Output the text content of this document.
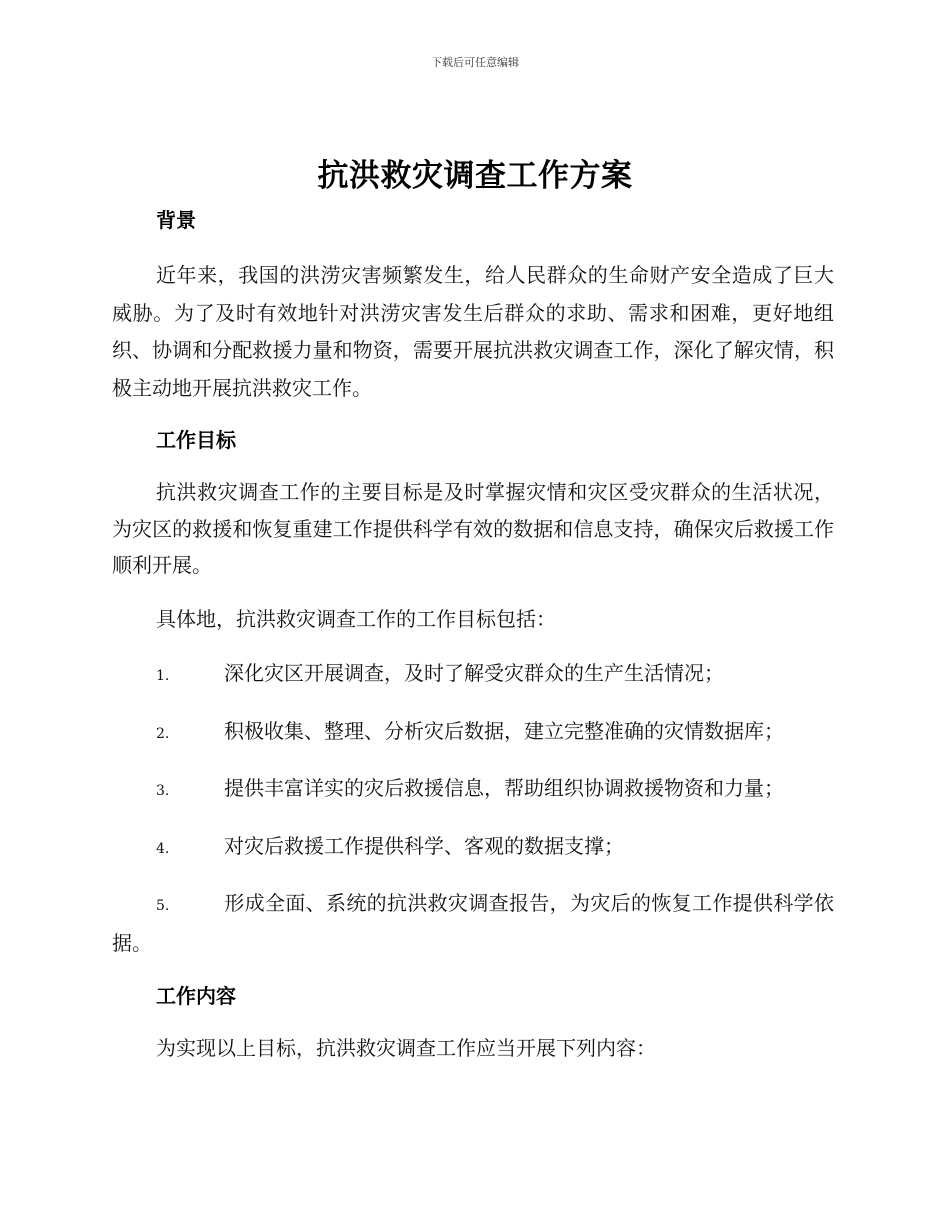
下载后可任意编辑
抗洪救灾调查工作方案

背景

近年来，我国的洪涝灾害频繁发生，给人民群众的生命财产安全造成了巨大威胁。为了及时有效地针对洪涝灾害发生后群众的求助、需求和困难，更好地组织、协调和分配救援力量和物资，需要开展抗洪救灾调查工作，深化了解灾情，积极主动地开展抗洪救灾工作。

工作目标

抗洪救灾调查工作的主要目标是及时掌握灾情和灾区受灾群众的生活状况，为灾区的救援和恢复重建工作提供科学有效的数据和信息支持，确保灾后救援工作顺利开展。

具体地，抗洪救灾调查工作的工作目标包括：

1.	深化灾区开展调查，及时了解受灾群众的生产生活情况；

2.	积极收集、整理、分析灾后数据，建立完整准确的灾情数据库；

3.	提供丰富详实的灾后救援信息，帮助组织协调救援物资和力量；

4.	对灾后救援工作提供科学、客观的数据支撑；

5.	形成全面、系统的抗洪救灾调查报告，为灾后的恢复工作提供科学依据。

工作内容

为实现以上目标，抗洪救灾调查工作应当开展下列内容：
